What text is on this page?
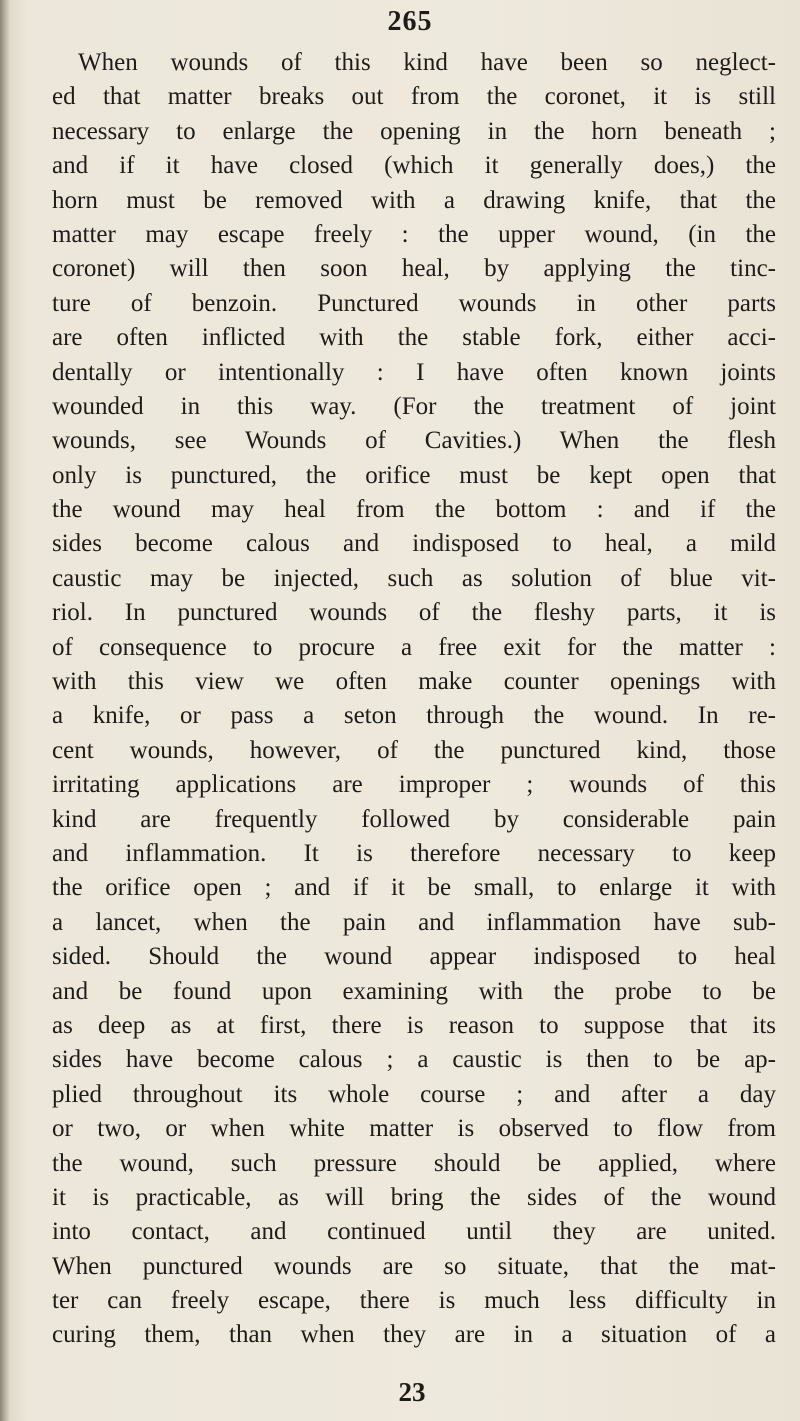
265
When wounds of this kind have been so neglect-
ed that matter breaks out from the coronet, it is still
necessary to enlarge the opening in the horn beneath ;
and if it have closed (which it generally does,) the
horn must be removed with a drawing knife, that the
matter may escape freely : the upper wound, (in the
coronet) will then soon heal, by applying the tinc-
ture of benzoin. Punctured wounds in other parts
are often inflicted with the stable fork, either acci-
dentally or intentionally : I have often known joints
wounded in this way. (For the treatment of joint
wounds, see Wounds of Cavities.) When the flesh
only is punctured, the orifice must be kept open that
the wound may heal from the bottom : and if the
sides become calous and indisposed to heal, a mild
caustic may be injected, such as solution of blue vit-
riol. In punctured wounds of the fleshy parts, it is
of consequence to procure a free exit for the matter :
with this view we often make counter openings with
a knife, or pass a seton through the wound. In re-
cent wounds, however, of the punctured kind, those
irritating applications are improper ; wounds of this
kind are frequently followed by considerable pain
and inflammation. It is therefore necessary to keep
the orifice open ; and if it be small, to enlarge it with
a lancet, when the pain and inflammation have sub-
sided. Should the wound appear indisposed to heal
and be found upon examining with the probe to be
as deep as at first, there is reason to suppose that its
sides have become calous ; a caustic is then to be ap-
plied throughout its whole course ; and after a day
or two, or when white matter is observed to flow from
the wound, such pressure should be applied, where
it is practicable, as will bring the sides of the wound
into contact, and continued until they are united.
When punctured wounds are so situate, that the mat-
ter can freely escape, there is much less difficulty in
curing them, than when they are in a situation of a
23
